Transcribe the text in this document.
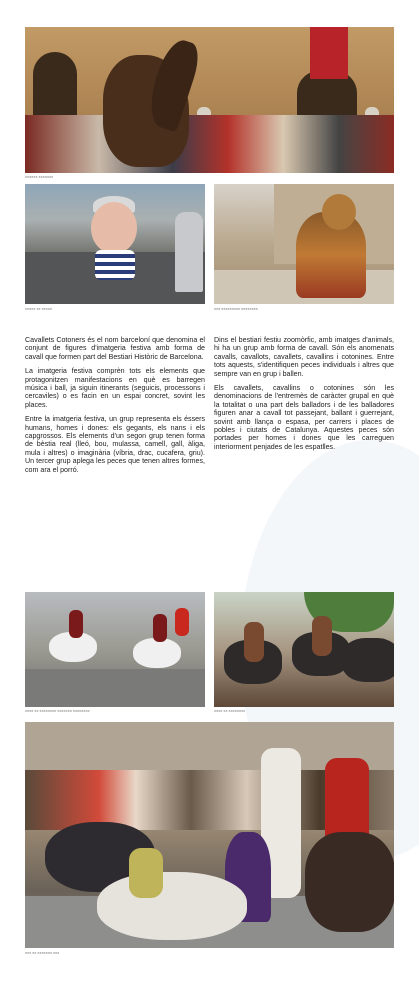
XXXXXX XXXXXXX
XXXXX XX XXXXX	XXX XXXXXXXXX XXXXXXXX

Cavallets Cotoners és el nom barceloní que denomina el conjunt de figures d'imatgeria festiva amb forma de cavall que formen part del Bestiari Històric de Barcelona.

La imatgeria festiva comprèn tots els elements que protagonitzen manifestacions en què es barregen música i ball, ja siguin itinerants (seguicis, processons i cercaviles) o es facin en un espai concret, sovint les places.

Entre la imatgeria festiva, un grup representa els éssers humans, homes i dones: els gegants, els nans i els capgrossos. Els elements d'un segon grup tenen forma de bèstia real (lleó, bou, mulassa, camell, gall, àliga, mula i altres) o imaginària (víbria, drac, cucafera, griu). Un tercer grup aplega les peces que tenen altres formes, com ara el porró.

Dins el bestiari festiu zoomòrfic, amb imatges d'animals, hi ha un grup amb forma de cavall. Són els anomenats cavalls, cavallots, cavallets, cavallins i cotonines. Entre tots aquests, s'identifiquen peces individuals i altres que sempre van en grup i ballen.

Els cavallets, cavallins o cotonines són les denominacions de l'entremès de caràcter grupal en què la totalitat o una part dels balladors i de les balladores figuren anar a cavall tot passejant, ballant i guerrejant, sovint amb llança o espasa, per carrers i places de pobles i ciutats de Catalunya. Aquestes peces són portades per homes i dones que les carreguen interiorment penjades de les espatlles.

XXXX XX XXXXXXXX XXXXXXX XXXXXXXX	XXXX XX XXXXXXXX
XXX XX XXXXXXX XXX
